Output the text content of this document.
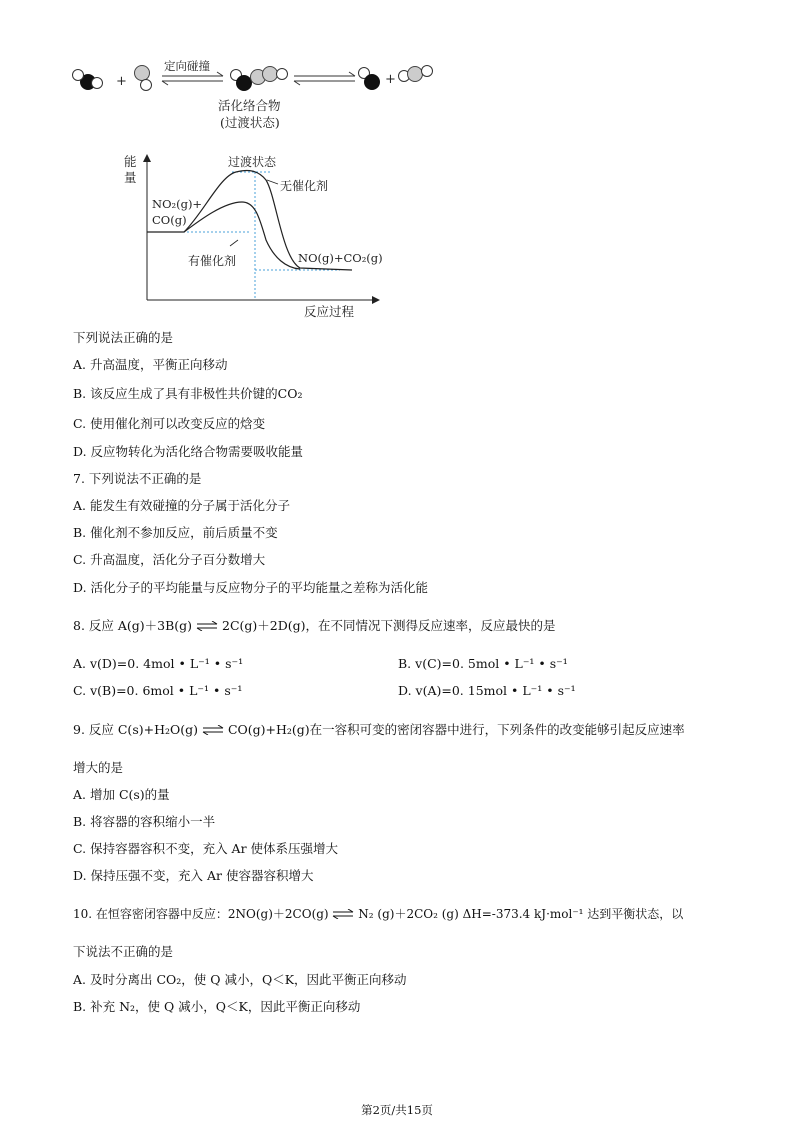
+
定向碰撞
+
活化络合物
(过渡状态)
能
量
反应过程
过渡状态
无催化剂
NO₂(g)+
CO(g)
有催化剂	NO(g)+CO₂(g)
下列说法正确的是
A. 升高温度，平衡正向移动
B. 该反应生成了具有非极性共价键的CO₂
C. 使用催化剂可以改变反应的焓变
D. 反应物转化为活化络合物需要吸收能量
7. 下列说法不正确的是
A. 能发生有效碰撞的分子属于活化分子
B. 催化剂不参加反应，前后质量不变
C. 升高温度，活化分子百分数增大
D. 活化分子的平均能量与反应物分子的平均能量之差称为活化能
8. 反应 A(g)＋3B(g) ⇌ 2C(g)＋2D(g)，在不同情况下测得反应速率，反应最快的是
A. v(D)=0. 4mol • L⁻¹ • s⁻¹	B. v(C)=0. 5mol • L⁻¹ • s⁻¹
C. v(B)=0. 6mol • L⁻¹ • s⁻¹	D. v(A)=0. 15mol • L⁻¹ • s⁻¹
9. 反应 C(s)+H₂O(g) ⇌ CO(g)+H₂(g)在一容积可变的密闭容器中进行，下列条件的改变能够引起反应速率
增大的是
A. 增加 C(s)的量
B. 将容器的容积缩小一半
C. 保持容器容积不变，充入 Ar 使体系压强增大
D. 保持压强不变，充入 Ar 使容器容积增大
10. 在恒容密闭容器中反应：2NO(g)＋2CO(g) ⇌ N₂ (g)＋2CO₂ (g) ΔH=-373.4 kJ·mol⁻¹ 达到平衡状态，以
下说法不正确的是
A. 及时分离出 CO₂，使 Q 减小，Q＜K，因此平衡正向移动
B. 补充 N₂，使 Q 减小，Q＜K，因此平衡正向移动
第2页/共15页
